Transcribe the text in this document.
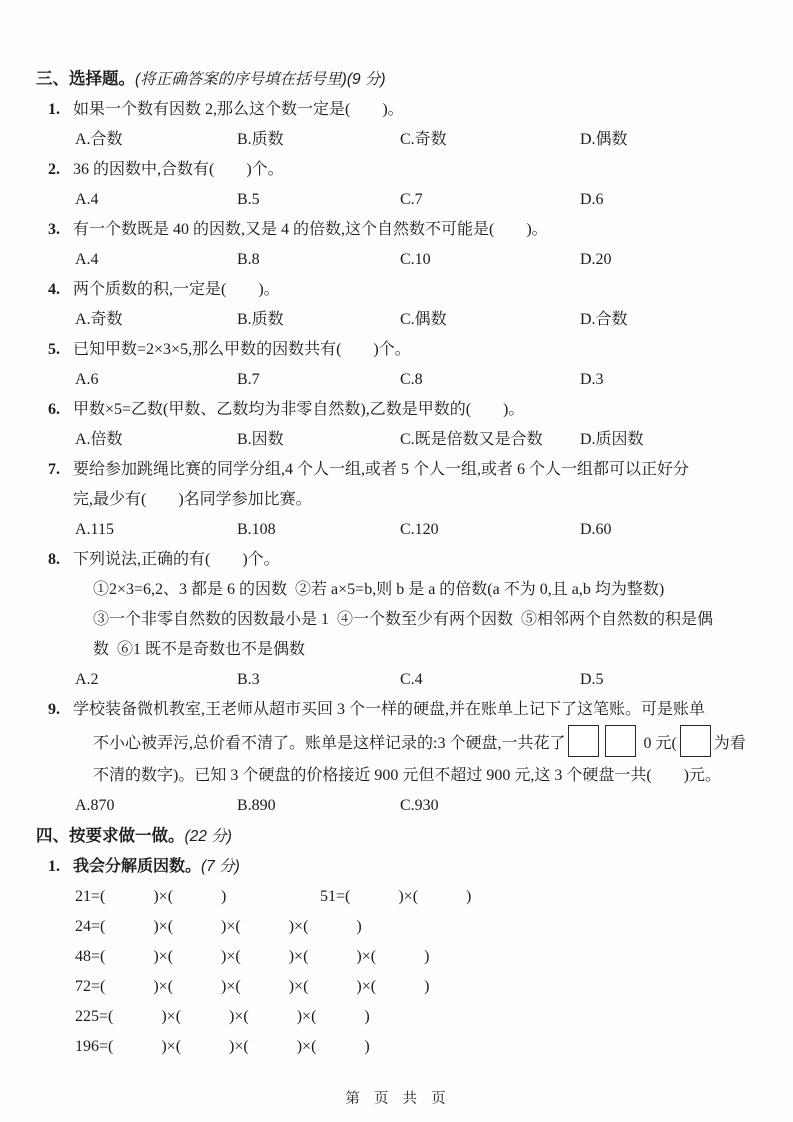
三、选择题。(将正确答案的序号填在括号里)(9 分)
1. 如果一个数有因数 2,那么这个数一定是(        )。
A.合数	B.质数	C.奇数	D.偶数
2. 36 的因数中,合数有(        )个。
A.4	B.5	C.7	D.6
3. 有一个数既是 40 的因数,又是 4 的倍数,这个自然数不可能是(        )。
A.4	B.8	C.10	D.20
4. 两个质数的积,一定是(        )。
A.奇数	B.质数	C.偶数	D.合数
5. 已知甲数=2×3×5,那么甲数的因数共有(        )个。
A.6	B.7	C.8	D.3
6. 甲数×5=乙数(甲数、乙数均为非零自然数),乙数是甲数的(        )。
A.倍数	B.因数	C.既是倍数又是合数	D.质因数
7. 要给参加跳绳比赛的同学分组,4 个人一组,或者 5 个人一组,或者 6 个人一组都可以正好分
完,最少有(        )名同学参加比赛。
A.115	B.108	C.120	D.60
8. 下列说法,正确的有(        )个。
①2×3=6,2、3 都是 6 的因数  ②若 a×5=b,则 b 是 a 的倍数(a 不为 0,且 a,b 均为整数)
③一个非零自然数的因数最小是 1  ④一个数至少有两个因数  ⑤相邻两个自然数的积是偶
数  ⑥1 既不是奇数也不是偶数
A.2	B.3	C.4	D.5
9. 学校装备微机教室,王老师从超市买回 3 个一样的硬盘,并在账单上记下了这笔账。可是账单
不小心被弄污,总价看不清了。账单是这样记录的:3 个硬盘,一共花了	0 元( 为看
不清的数字)。已知 3 个硬盘的价格接近 900 元但不超过 900 元,这 3 个硬盘一共(        )元。
A.870	B.890	C.930
四、按要求做一做。(22 分)
1. 我会分解质因数。 (7 分)
21=(            )×(            )	51=(            )×(            )
24=(            )×(            )×(            )×(            )
48=(            )×(            )×(            )×(            )×(            )
72=(            )×(            )×(            )×(            )×(            )
225=(            )×(            )×(            )×(            )
196=(            )×(            )×(            )×(            )
第  页  共  页
